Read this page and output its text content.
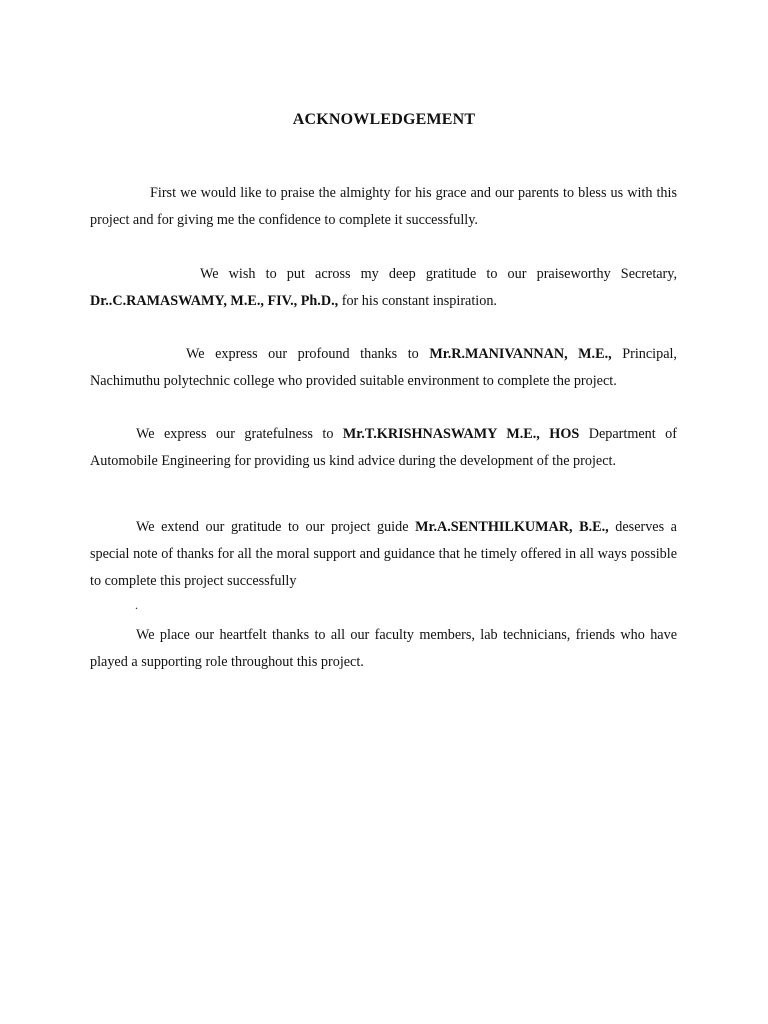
ACKNOWLEDGEMENT

First we would like to praise the almighty for his grace and our parents to bless us with this project and for giving me the confidence to complete it successfully.

We wish to put across my deep gratitude to our praiseworthy Secretary, Dr..C.RAMASWAMY, M.E., FIV., Ph.D., for his constant inspiration.

We express our profound thanks to Mr.R.MANIVANNAN, M.E., Principal, Nachimuthu polytechnic college who provided suitable environment to complete the project.

We express our gratefulness to Mr.T.KRISHNASWAMY M.E., HOS Department of Automobile Engineering for providing us kind advice during the development of the project.

We extend our gratitude to our project guide Mr.A.SENTHILKUMAR, B.E., deserves a special note of thanks for all the moral support and guidance that he timely offered in all ways possible to complete this project successfully

.

We place our heartfelt thanks to all our faculty members, lab technicians, friends who have played a supporting role throughout this project.
